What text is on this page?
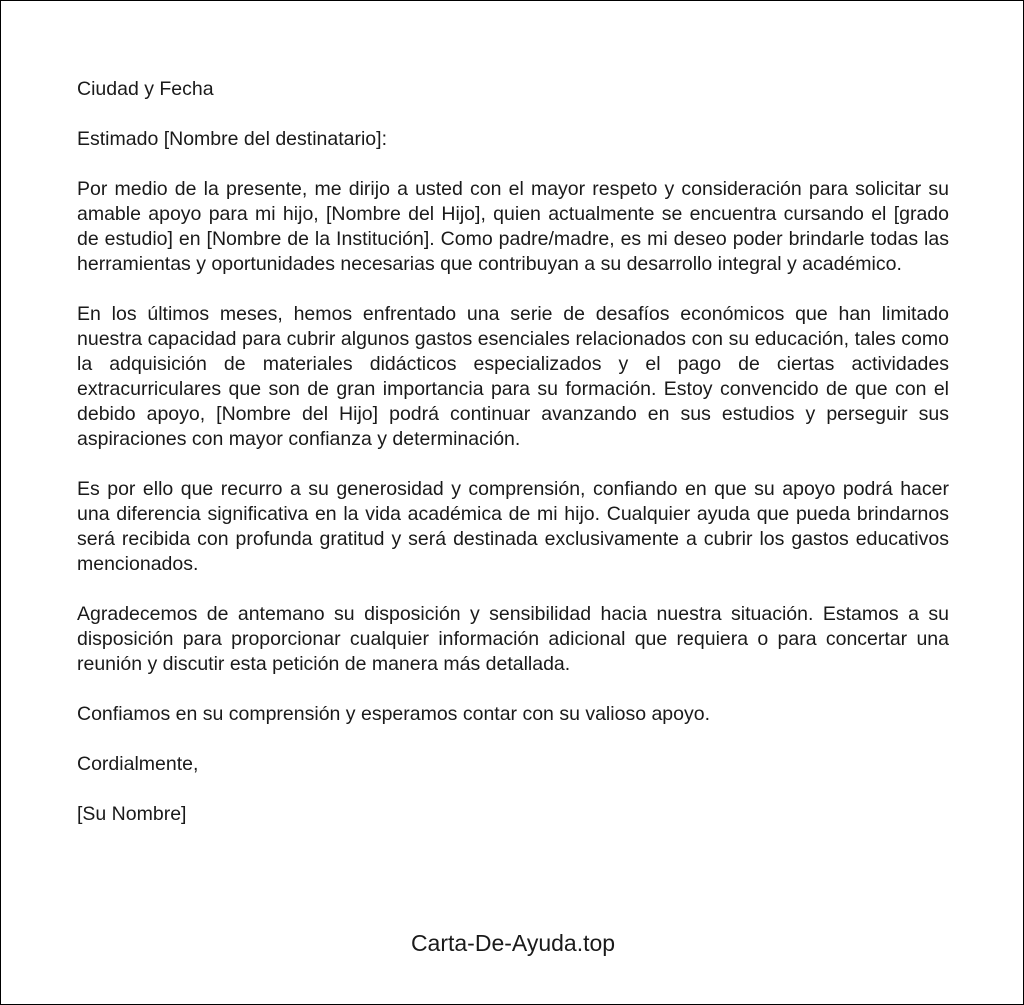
Ciudad y Fecha

Estimado [Nombre del destinatario]:

Por medio de la presente, me dirijo a usted con el mayor respeto y consideración para solicitar su amable apoyo para mi hijo, [Nombre del Hijo], quien actualmente se encuentra cursando el [grado de estudio] en [Nombre de la Institución]. Como padre/madre, es mi deseo poder brindarle todas las herramientas y oportunidades necesarias que contribuyan a su desarrollo integral y académico.

En los últimos meses, hemos enfrentado una serie de desafíos económicos que han limitado nuestra capacidad para cubrir algunos gastos esenciales relacionados con su educación, tales como la adquisición de materiales didácticos especializados y el pago de ciertas actividades extracurriculares que son de gran importancia para su formación. Estoy convencido de que con el debido apoyo, [Nombre del Hijo] podrá continuar avanzando en sus estudios y perseguir sus aspiraciones con mayor confianza y determinación.

Es por ello que recurro a su generosidad y comprensión, confiando en que su apoyo podrá hacer una diferencia significativa en la vida académica de mi hijo. Cualquier ayuda que pueda brindarnos será recibida con profunda gratitud y será destinada exclusivamente a cubrir los gastos educativos mencionados.

Agradecemos de antemano su disposición y sensibilidad hacia nuestra situación. Estamos a su disposición para proporcionar cualquier información adicional que requiera o para concertar una reunión y discutir esta petición de manera más detallada.

Confiamos en su comprensión y esperamos contar con su valioso apoyo.

Cordialmente,

[Su Nombre]

Carta-De-Ayuda.top
